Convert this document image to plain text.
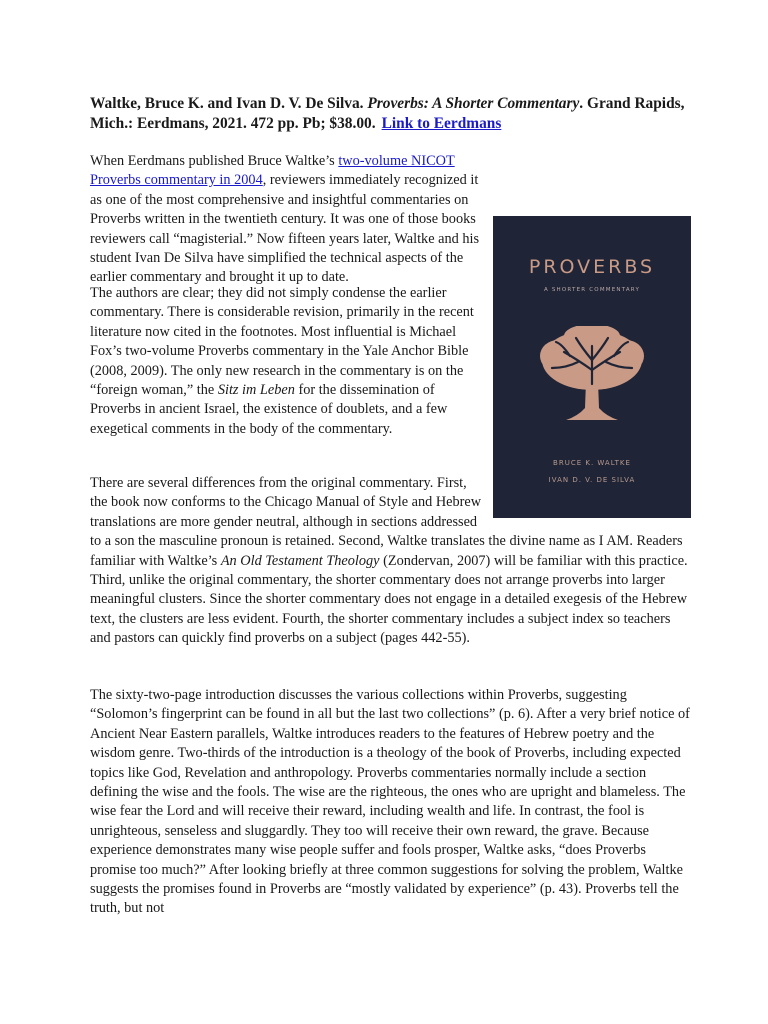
Waltke, Bruce K. and Ivan D. V. De Silva. Proverbs: A Shorter Commentary. Grand Rapids, Mich.: Eerdmans, 2021. 472 pp. Pb; $38.00. Link to Eerdmans

When Eerdmans published Bruce Waltke’s two-volume NICOT Proverbs commentary in 2004, reviewers immediately recognized it as one of the most comprehensive and insightful commentaries on Proverbs written in the twentieth century. It was one of those books reviewers call “magisterial.” Now fifteen years later, Waltke and his student Ivan De Silva have simplified the technical aspects of the earlier commentary and brought it up to date.

The authors are clear; they did not simply condense the earlier commentary. There is considerable revision, primarily in the recent literature now cited in the footnotes. Most influential is Michael Fox’s two-volume Proverbs commentary in the Yale Anchor Bible (2008, 2009). The only new research in the commentary is on the “foreign woman,” the Sitz im Leben for the dissemination of Proverbs in ancient Israel, the existence of doublets, and a few exegetical comments in the body of the commentary.

PROVERBS
A SHORTER COMMENTARY
BRUCE K. WALTKE
IVAN D. V. DE SILVA

There are several differences from the original commentary. First, the book now conforms to the Chicago Manual of Style and Hebrew translations are more gender neutral, although in sections addressed to a son the masculine pronoun is retained. Second, Waltke translates the divine name as I AM. Readers familiar with Waltke’s An Old Testament Theology (Zondervan, 2007) will be familiar with this practice. Third, unlike the original commentary, the shorter commentary does not arrange proverbs into larger meaningful clusters. Since the shorter commentary does not engage in a detailed exegesis of the Hebrew text, the clusters are less evident. Fourth, the shorter commentary includes a subject index so teachers and pastors can quickly find proverbs on a subject (pages 442-55).

The sixty-two-page introduction discusses the various collections within Proverbs, suggesting “Solomon’s fingerprint can be found in all but the last two collections” (p. 6). After a very brief notice of Ancient Near Eastern parallels, Waltke introduces readers to the features of Hebrew poetry and the wisdom genre. Two-thirds of the introduction is a theology of the book of Proverbs, including expected topics like God, Revelation and anthropology. Proverbs commentaries normally include a section defining the wise and the fools. The wise are the righteous, the ones who are upright and blameless. The wise fear the Lord and will receive their reward, including wealth and life. In contrast, the fool is unrighteous, senseless and sluggardly. They too will receive their own reward, the grave. Because experience demonstrates many wise people suffer and fools prosper, Waltke asks, “does Proverbs promise too much?” After looking briefly at three common suggestions for solving the problem, Waltke suggests the promises found in Proverbs are “mostly validated by experience” (p. 43). Proverbs tell the truth, but not
